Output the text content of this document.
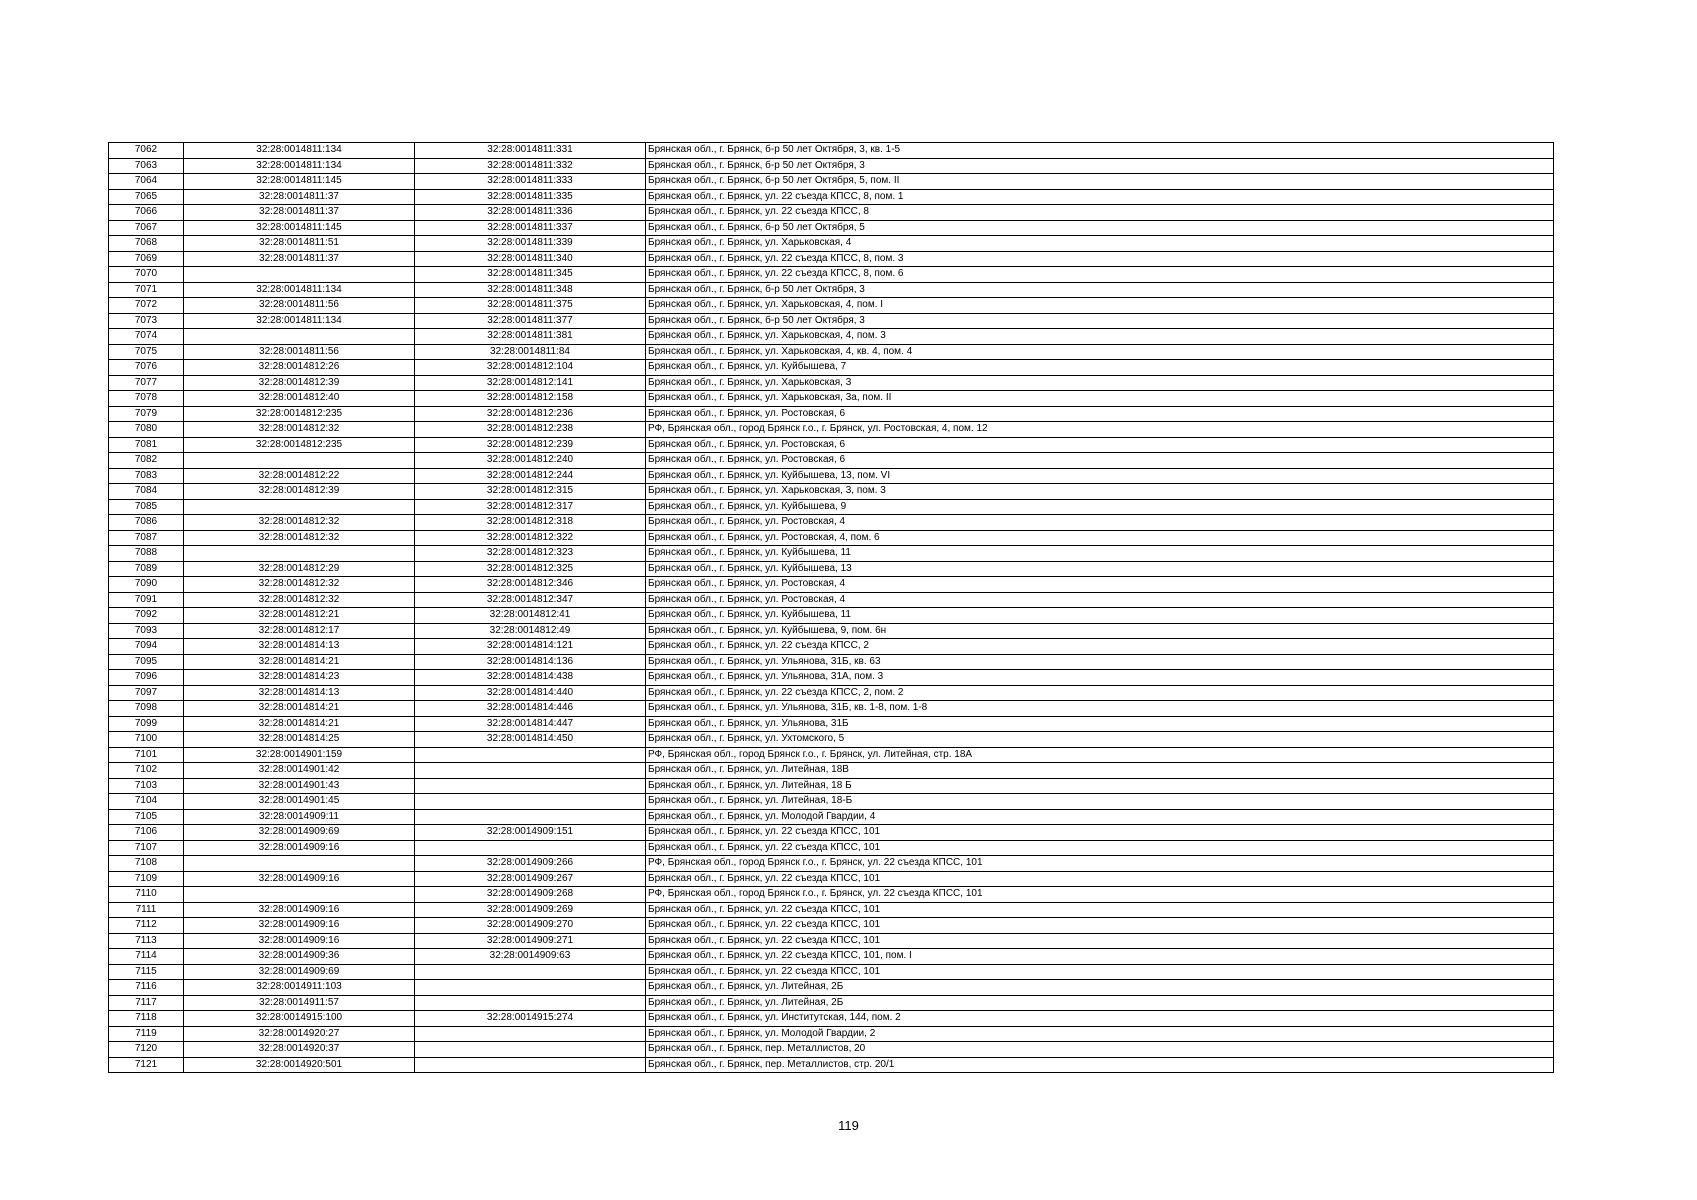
7062	32:28:0014811:134	32:28:0014811:331	Брянская обл., г. Брянск, б-р 50 лет Октября, 3, кв. 1-5
7063	32:28:0014811:134	32:28:0014811:332	Брянская обл., г. Брянск, б-р 50 лет Октября, 3
7064	32:28:0014811:145	32:28:0014811:333	Брянская обл., г. Брянск, б-р 50 лет Октября, 5, пом. II
7065	32:28:0014811:37	32:28:0014811:335	Брянская обл., г. Брянск, ул. 22 съезда КПСС, 8, пом. 1
7066	32:28:0014811:37	32:28:0014811:336	Брянская обл., г. Брянск, ул. 22 съезда КПСС, 8
7067	32:28:0014811:145	32:28:0014811:337	Брянская обл., г. Брянск, б-р 50 лет Октября, 5
7068	32:28:0014811:51	32:28:0014811:339	Брянская обл., г. Брянск, ул. Харьковская, 4
7069	32:28:0014811:37	32:28:0014811:340	Брянская обл., г. Брянск, ул. 22 съезда КПСС, 8, пом. 3
7070		32:28:0014811:345	Брянская обл., г. Брянск, ул. 22 съезда КПСС, 8, пом. 6
7071	32:28:0014811:134	32:28:0014811:348	Брянская обл., г. Брянск, б-р 50 лет Октября, 3
7072	32:28:0014811:56	32:28:0014811:375	Брянская обл., г. Брянск, ул. Харьковская, 4, пом. I
7073	32:28:0014811:134	32:28:0014811:377	Брянская обл., г. Брянск, б-р 50 лет Октября, 3
7074		32:28:0014811:381	Брянская обл., г. Брянск, ул. Харьковская, 4, пом. 3
7075	32:28:0014811:56	32:28:0014811:84	Брянская обл., г. Брянск, ул. Харьковская, 4, кв. 4, пом. 4
7076	32:28:0014812:26	32:28:0014812:104	Брянская обл., г. Брянск, ул. Куйбышева, 7
7077	32:28:0014812:39	32:28:0014812:141	Брянская обл., г. Брянск, ул. Харьковская, 3
7078	32:28:0014812:40	32:28:0014812:158	Брянская обл., г. Брянск, ул. Харьковская, 3а, пом. II
7079	32:28:0014812:235	32:28:0014812:236	Брянская обл., г. Брянск, ул. Ростовская, 6
7080	32:28:0014812:32	32:28:0014812:238	РФ, Брянская обл., город Брянск г.о., г. Брянск, ул. Ростовская, 4, пом. 12
7081	32:28:0014812:235	32:28:0014812:239	Брянская обл., г. Брянск, ул. Ростовская, 6
7082		32:28:0014812:240	Брянская обл., г. Брянск, ул. Ростовская, 6
7083	32:28:0014812:22	32:28:0014812:244	Брянская обл., г. Брянск, ул. Куйбышева, 13, пом. VI
7084	32:28:0014812:39	32:28:0014812:315	Брянская обл., г. Брянск, ул. Харьковская, 3, пом. 3
7085		32:28:0014812:317	Брянская обл., г. Брянск, ул. Куйбышева, 9
7086	32:28:0014812:32	32:28:0014812:318	Брянская обл., г. Брянск, ул. Ростовская, 4
7087	32:28:0014812:32	32:28:0014812:322	Брянская обл., г. Брянск, ул. Ростовская, 4, пом. 6
7088		32:28:0014812:323	Брянская обл., г. Брянск, ул. Куйбышева, 11
7089	32:28:0014812:29	32:28:0014812:325	Брянская обл., г. Брянск, ул. Куйбышева, 13
7090	32:28:0014812:32	32:28:0014812:346	Брянская обл., г. Брянск, ул. Ростовская, 4
7091	32:28:0014812:32	32:28:0014812:347	Брянская обл., г. Брянск, ул. Ростовская, 4
7092	32:28:0014812:21	32:28:0014812:41	Брянская обл., г. Брянск, ул. Куйбышева, 11
7093	32:28:0014812:17	32:28:0014812:49	Брянская обл., г. Брянск, ул. Куйбышева, 9, пом. 6н
7094	32:28:0014814:13	32:28:0014814:121	Брянская обл., г. Брянск, ул. 22 съезда КПСС, 2
7095	32:28:0014814:21	32:28:0014814:136	Брянская обл., г. Брянск, ул. Ульянова, 31Б, кв. 63
7096	32:28:0014814:23	32:28:0014814:438	Брянская обл., г. Брянск, ул. Ульянова, 31А, пом. 3
7097	32:28:0014814:13	32:28:0014814:440	Брянская обл., г. Брянск, ул. 22 съезда КПСС, 2, пом. 2
7098	32:28:0014814:21	32:28:0014814:446	Брянская обл., г. Брянск, ул. Ульянова, 31Б, кв. 1-8, пом. 1-8
7099	32:28:0014814:21	32:28:0014814:447	Брянская обл., г. Брянск, ул. Ульянова, 31Б
7100	32:28:0014814:25	32:28:0014814:450	Брянская обл., г. Брянск, ул. Ухтомского, 5
7101	32:28:0014901:159		РФ, Брянская обл., город Брянск г.о., г. Брянск, ул. Литейная, стр. 18А
7102	32:28:0014901:42		Брянская обл., г. Брянск, ул. Литейная, 18В
7103	32:28:0014901:43		Брянская обл., г. Брянск, ул. Литейная, 18 Б
7104	32:28:0014901:45		Брянская обл., г. Брянск, ул. Литейная, 18-Б
7105	32:28:0014909:11		Брянская обл., г. Брянск, ул. Молодой Гвардии, 4
7106	32:28:0014909:69	32:28:0014909:151	Брянская обл., г. Брянск, ул. 22 съезда КПСС, 101
7107	32:28:0014909:16		Брянская обл., г. Брянск, ул. 22 съезда КПСС, 101
7108		32:28:0014909:266	РФ, Брянская обл., город Брянск г.о., г. Брянск, ул. 22 съезда КПСС, 101
7109	32:28:0014909:16	32:28:0014909:267	Брянская обл., г. Брянск, ул. 22 съезда КПСС, 101
7110		32:28:0014909:268	РФ, Брянская обл., город Брянск г.о., г. Брянск, ул. 22 съезда КПСС, 101
7111	32:28:0014909:16	32:28:0014909:269	Брянская обл., г. Брянск, ул. 22 съезда КПСС, 101
7112	32:28:0014909:16	32:28:0014909:270	Брянская обл., г. Брянск, ул. 22 съезда КПСС, 101
7113	32:28:0014909:16	32:28:0014909:271	Брянская обл., г. Брянск, ул. 22 съезда КПСС, 101
7114	32:28:0014909:36	32:28:0014909:63	Брянская обл., г. Брянск, ул. 22 съезда КПСС, 101, пом. I
7115	32:28:0014909:69		Брянская обл., г. Брянск, ул. 22 съезда КПСС, 101
7116	32:28:0014911:103		Брянская обл., г. Брянск, ул. Литейная, 2Б
7117	32:28:0014911:57		Брянская обл., г. Брянск, ул. Литейная, 2Б
7118	32:28:0014915:100	32:28:0014915:274	Брянская обл., г. Брянск, ул. Институтская, 144, пом. 2
7119	32:28:0014920:27		Брянская обл., г. Брянск, ул. Молодой Гвардии, 2
7120	32:28:0014920:37		Брянская обл., г. Брянск, пер. Металлистов, 20
7121	32:28:0014920:501		Брянская обл., г. Брянск, пер. Металлистов, стр. 20/1
119
